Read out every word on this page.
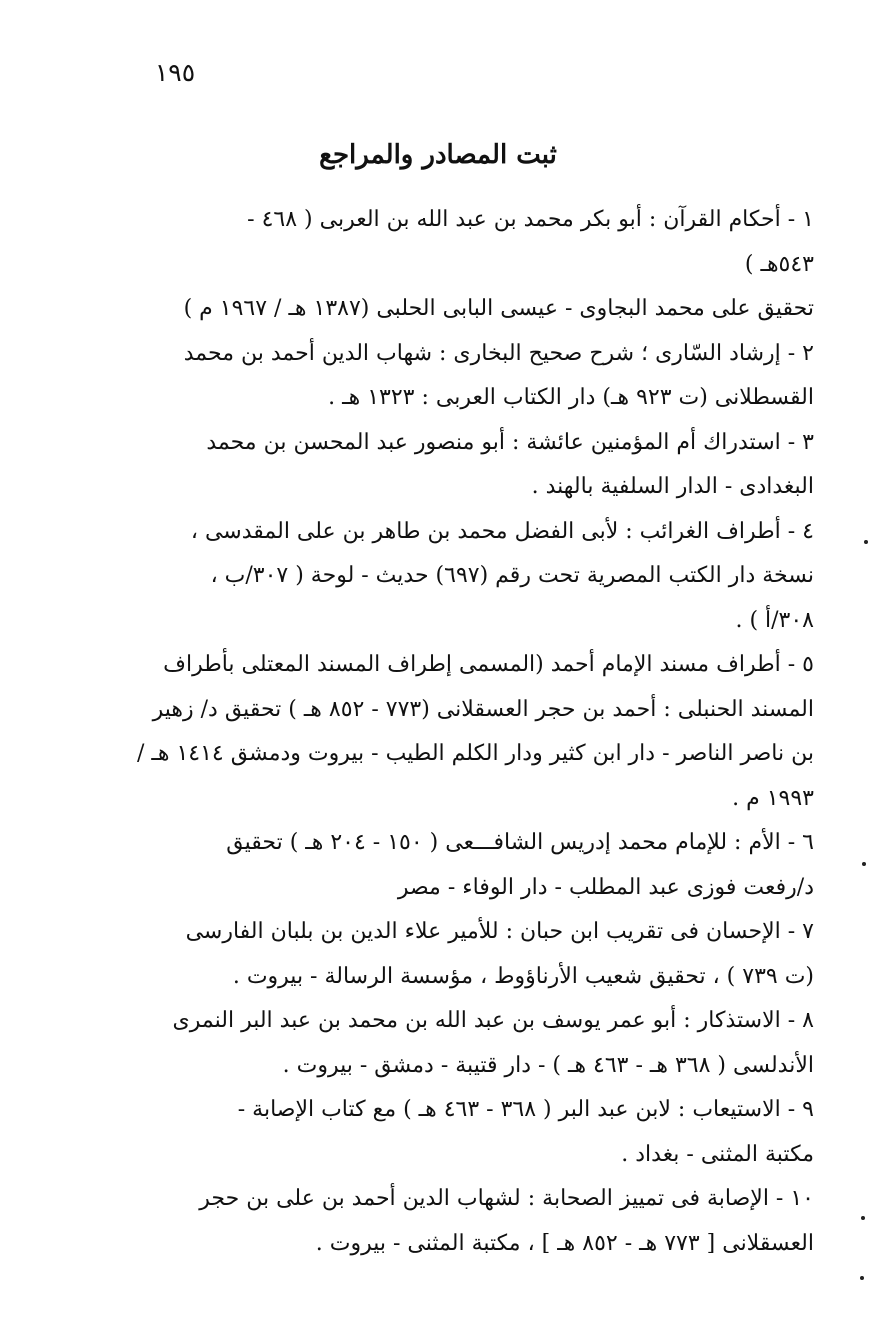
١٩٥
ثبت المصادر والمراجع
١ - أحكام القرآن : أبو بكر محمد بن عبد الله بن العربى ( ٤٦٨ -
٥٤٣هـ )
تحقيق على محمد البجاوى - عيسى البابى الحلبى (١٣٨٧ هـ / ١٩٦٧ م )
٢ - إرشاد السّارى ؛ شرح صحيح البخارى : شهاب الدين أحمد بن محمد
القسطلانى (ت ٩٢٣ هـ) دار الكتاب العربى : ١٣٢٣ هـ .
٣ - استدراك أم المؤمنين عائشة : أبو منصور عبد المحسن بن محمد
البغدادى - الدار السلفية بالهند .
٤ - أطراف الغرائب : لأبى الفضل محمد بن طاهر بن على المقدسى ،
نسخة دار الكتب المصرية تحت رقم (٦٩٧) حديث - لوحة ( ٣٠٧/ب ،
٣٠٨/أ ) .
٥ - أطراف مسند الإمام أحمد (المسمى إطراف المسند المعتلى بأطراف
المسند الحنبلى : أحمد بن حجر العسقلانى (٧٧٣ - ٨٥٢ هـ ) تحقيق د/ زهير
بن ناصر الناصر - دار ابن كثير ودار الكلم الطيب - بيروت ودمشق ١٤١٤ هـ /
١٩٩٣ م .
٦ - الأم : للإمام محمد إدريس الشافـــعى ( ١٥٠ - ٢٠٤ هـ ) تحقيق
د/رفعت فوزى عبد المطلب - دار الوفاء - مصر
٧ - الإحسان فى تقريب ابن حبان : للأمير علاء الدين بن بلبان الفارسى
(ت ٧٣٩ ) ، تحقيق شعيب الأرناؤوط ، مؤسسة الرسالة - بيروت .
٨ - الاستذكار : أبو عمر يوسف بن عبد الله بن محمد بن عبد البر النمرى
الأندلسى ( ٣٦٨ هـ - ٤٦٣ هـ ) - دار قتيبة - دمشق - بيروت .
٩ - الاستيعاب : لابن عبد البر ( ٣٦٨ - ٤٦٣ هـ ) مع كتاب الإصابة -
مكتبة المثنى - بغداد .
١٠ - الإصابة فى تمييز الصحابة : لشهاب الدين أحمد بن على بن حجر
العسقلانى [ ٧٧٣ هـ - ٨٥٢ هـ ] ، مكتبة المثنى - بيروت .
